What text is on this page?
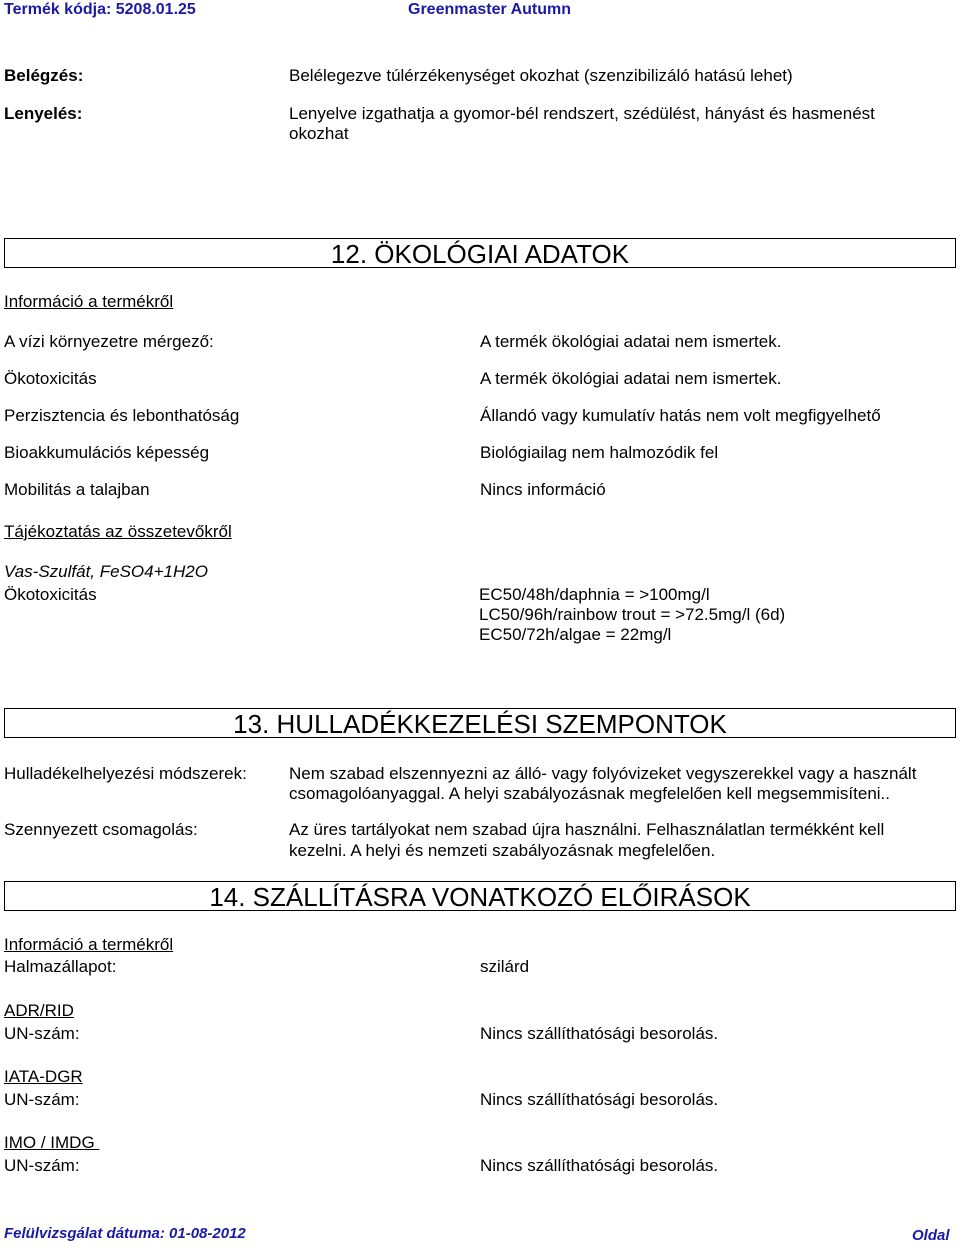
Termék kódja: 5208.01.25	Greenmaster Autumn
Belégzés:	Belélegezve túlérzékenységet okozhat (szenzibilizáló hatású lehet)
Lenyelés:	Lenyelve izgathatja a gyomor-bél rendszert, szédülést, hányást és hasmenést
okozhat
12. ÖKOLÓGIAI ADATOK
Információ a termékről
A vízi környezetre mérgező:	A termék ökológiai adatai nem ismertek.
Ökotoxicitás	A termék ökológiai adatai nem ismertek.
Perzisztencia és lebonthatóság	Állandó vagy kumulatív hatás nem volt megfigyelhető
Bioakkumulációs képesség	Biológiailag nem halmozódik fel
Mobilitás a talajban	Nincs információ
Tájékoztatás az összetevőkről
Vas-Szulfát, FeSO4+1H2O
Ökotoxicitás	EC50/48h/daphnia = >100mg/l
LC50/96h/rainbow trout = >72.5mg/l (6d)
EC50/72h/algae = 22mg/l
13. HULLADÉKKEZELÉSI SZEMPONTOK
Hulladékelhelyezési módszerek: Nem szabad elszennyezni az álló- vagy folyóvizeket vegyszerekkel vagy a használt
csomagolóanyaggal. A helyi szabályozásnak megfelelően kell megsemmisíteni..
Szennyezett csomagolás:	Az üres tartályokat nem szabad újra használni. Felhasználatlan termékként kell
kezelni. A helyi és nemzeti szabályozásnak megfelelően.
14. SZÁLLÍTÁSRA VONATKOZÓ ELŐIRÁSOK
Információ a termékről
Halmazállapot:	szilárd
ADR/RID
UN-szám:	Nincs szállíthatósági besorolás.
IATA-DGR
UN-szám:	Nincs szállíthatósági besorolás.
IMO / IMDG
UN-szám:	Nincs szállíthatósági besorolás.
Felülvizsgálat dátuma: 01-08-2012	Oldal
